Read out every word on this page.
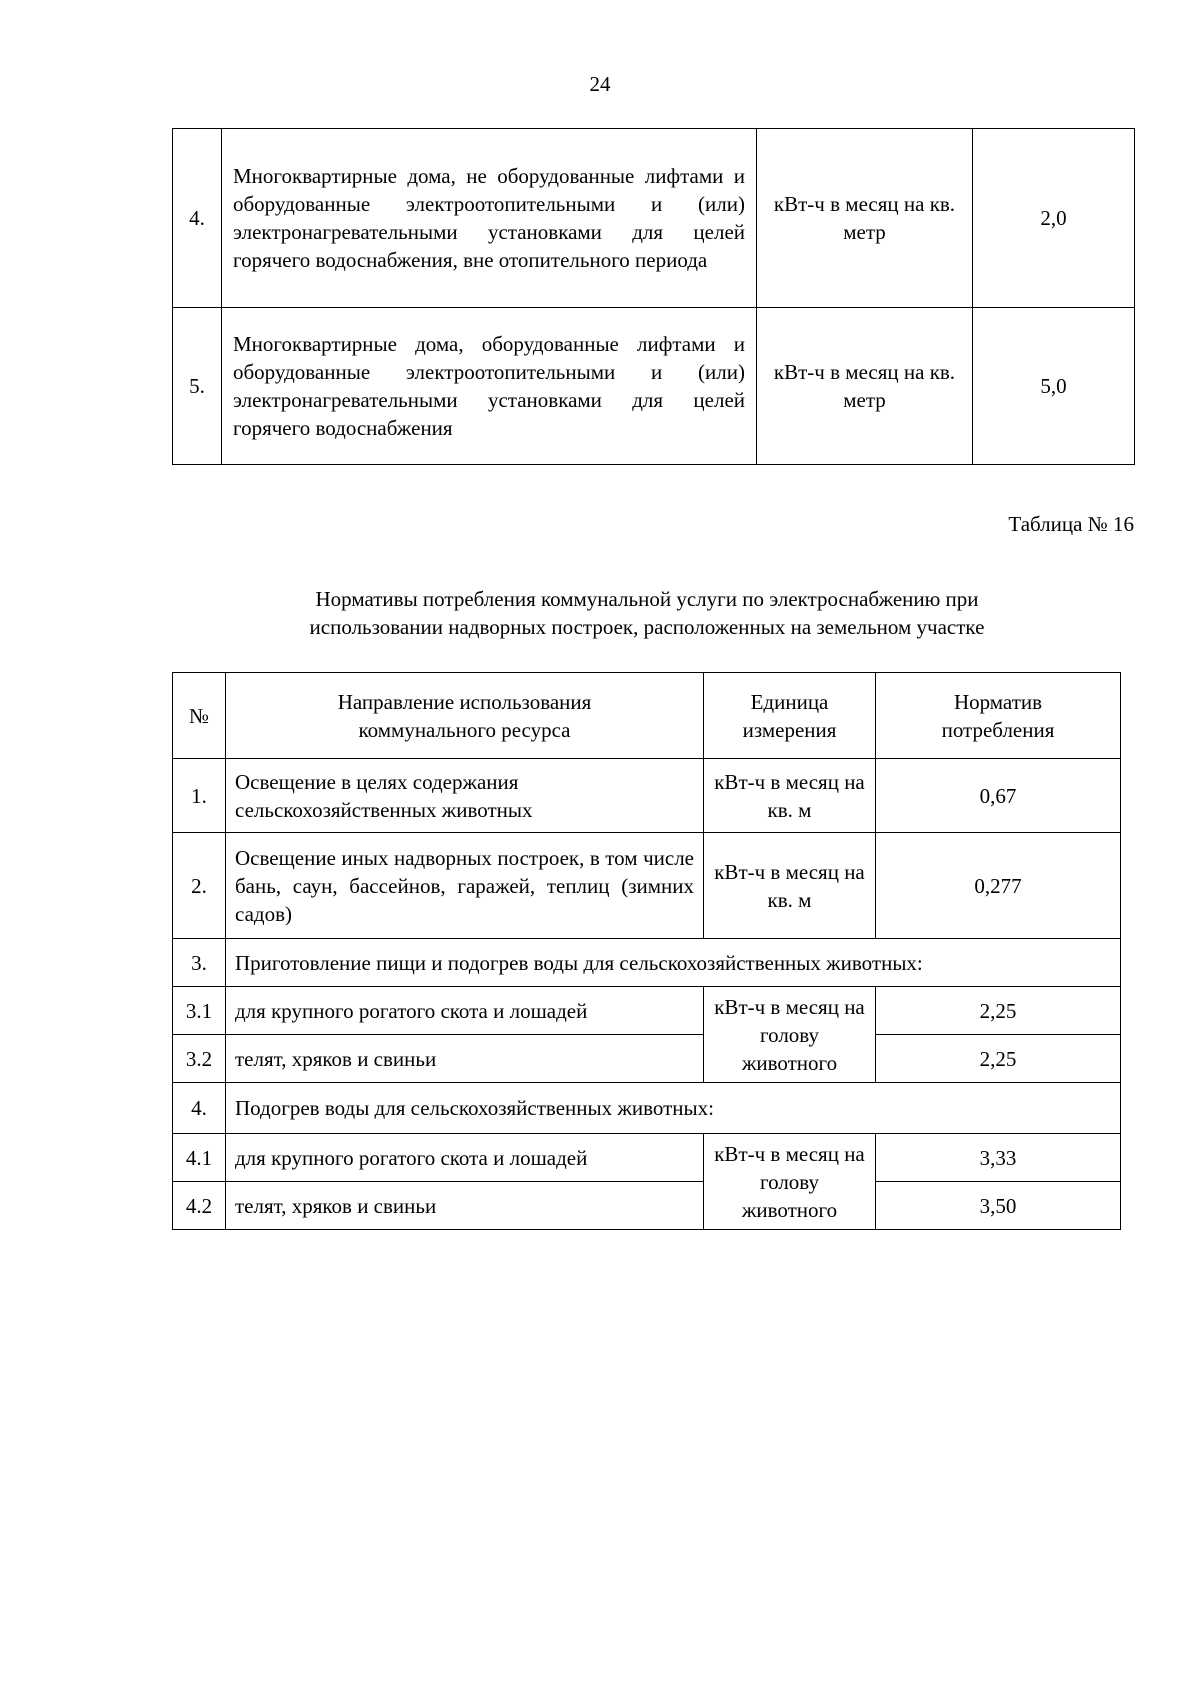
24
4.	Многоквартирные дома, не оборудованные лифтами и оборудованные электроотопительными и (или) электронагревательными установками для целей горячего водоснабжения, вне отопительного периода	кВт-ч в месяц на кв. метр	2,0
5.	Многоквартирные дома, оборудованные лифтами и оборудованные электроотопительными и (или) электронагревательными установками для целей горячего водоснабжения	кВт-ч в месяц на кв. метр	5,0
Таблица № 16
Нормативы потребления коммунальной услуги по электроснабжению при
использовании надворных построек, расположенных на земельном участке
№	Направление использования коммунального ресурса	Единица измерения	Норматив потребления
1.	Освещение в целях содержания сельскохозяйственных животных	кВт-ч в месяц на кв. м	0,67
2.	Освещение иных надворных построек, в том числе бань, саун, бассейнов, гаражей, теплиц (зимних садов)	кВт-ч в месяц на кв. м	0,277
3.	Приготовление пищи и подогрев воды для сельскохозяйственных животных:		
3.1	для крупного рогатого скота и лошадей	кВт-ч в месяц на голову животного	2,25
3.2	телят, хряков и свиньи		2,25
4.	Подогрев воды для сельскохозяйственных животных:		
4.1	для крупного рогатого скота и лошадей	кВт-ч в месяц на голову животного	3,33
4.2	телят, хряков и свиньи		3,50
